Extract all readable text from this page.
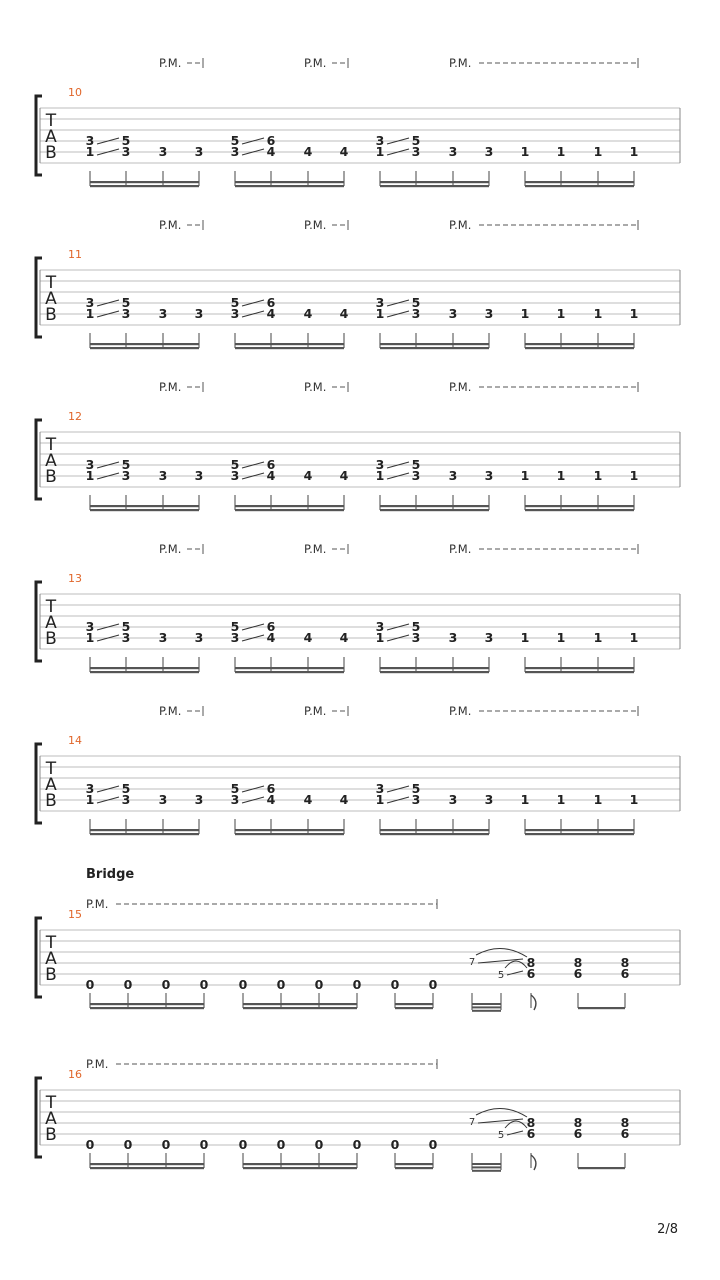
T
A
B
10
P.M.	P.M.	P.M.
3
1
5
3 3 3
5
3
6
4 4 4
3
1
5
3 3 3 1 1 1 1
T
A
B
11
P.M.	P.M.	P.M.
3
1
5
3 3 3
5
3
6
4 4 4
3
1
5
3 3 3 1 1 1 1
T
A
B
12
P.M.	P.M.	P.M.
3
1
5
3 3 3
5
3
6
4 4 4
3
1
5
3 3 3 1 1 1 1
T
A
B
13
P.M.	P.M.	P.M.
3
1
5
3 3 3
5
3
6
4 4 4
3
1
5
3 3 3 1 1 1 1
T
A
B
14
P.M.	P.M.	P.M.
3
1
5
3 3 3
5
3
6
4 4 4
3
1
5
3 3 3 1 1 1 1
T
A
B
15
Bridge
P.M.
0 0 0 0 0 0 0 0 0 0
7
5
8
6
8
6
8
6
T
A
B
16
P.M.
0 0 0 0 0 0 0 0 0 0
7
5
8
6
8
6
8
6
2/8
